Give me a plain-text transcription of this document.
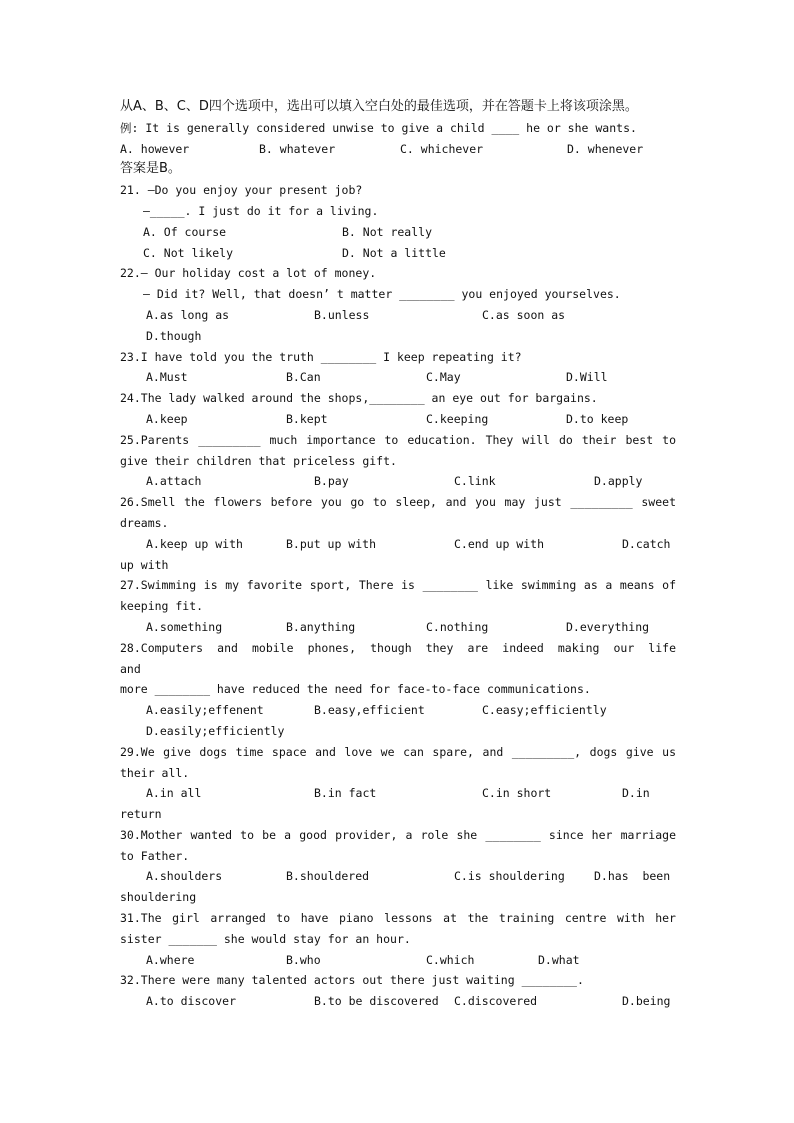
从A、B、C、D四个选项中，选出可以填入空白处的最佳选项，并在答题卡上将该项涂黑。
例: It is generally considered unwise to give a child ____ he or she wants.
A. however	B. whatever	C. whichever	D. whenever
答案是B。
21. —Do you enjoy your present job?
—_____. I just do it for a living.
A. Of course	B. Not really
C. Not likely	D. Not a little
22.— Our holiday cost a lot of money.
— Did it? Well, that doesn’ t matter ________ you enjoyed yourselves.
A.as long as	B.unless	C.as soon as
D.though
23.I have told you the truth ________ I keep repeating it?
A.Must	B.Can	C.May	D.Will
24.The lady walked around the shops,________ an eye out for bargains.
A.keep	B.kept	C.keeping	D.to keep
25.Parents _________ much importance to education. They will do their best to
give their children that priceless gift.
A.attach	B.pay	C.link	D.apply
26.Smell the flowers before you go to sleep, and you may just _________ sweet
dreams.
A.keep up with	B.put up with	C.end up with	D.catch
up with
27.Swimming is my favorite sport, There is ________ like swimming as a means of
keeping fit.
A.something	B.anything	C.nothing	D.everything
28.Computers and mobile phones, though they are indeed making our life
and
more ________ have reduced the need for face-to-face communications.
A.easily;effenent	B.easy,efficient	C.easy;efficiently
D.easily;efficiently
29.We give dogs time space and love we can spare, and _________, dogs give us
their all.
A.in all	B.in fact	C.in short	D.in
return
30.Mother wanted to be a good provider, a role she ________ since her marriage
to Father.
A.shoulders	B.shouldered	C.is shouldering	D.has  been
shouldering
31.The girl arranged to have piano lessons at the training centre with her
sister _______ she would stay for an hour.
A.where	B.who	C.which	D.what
32.There were many talented actors out there just waiting ________.
A.to discover	B.to be discovered	C.discovered	D.being
